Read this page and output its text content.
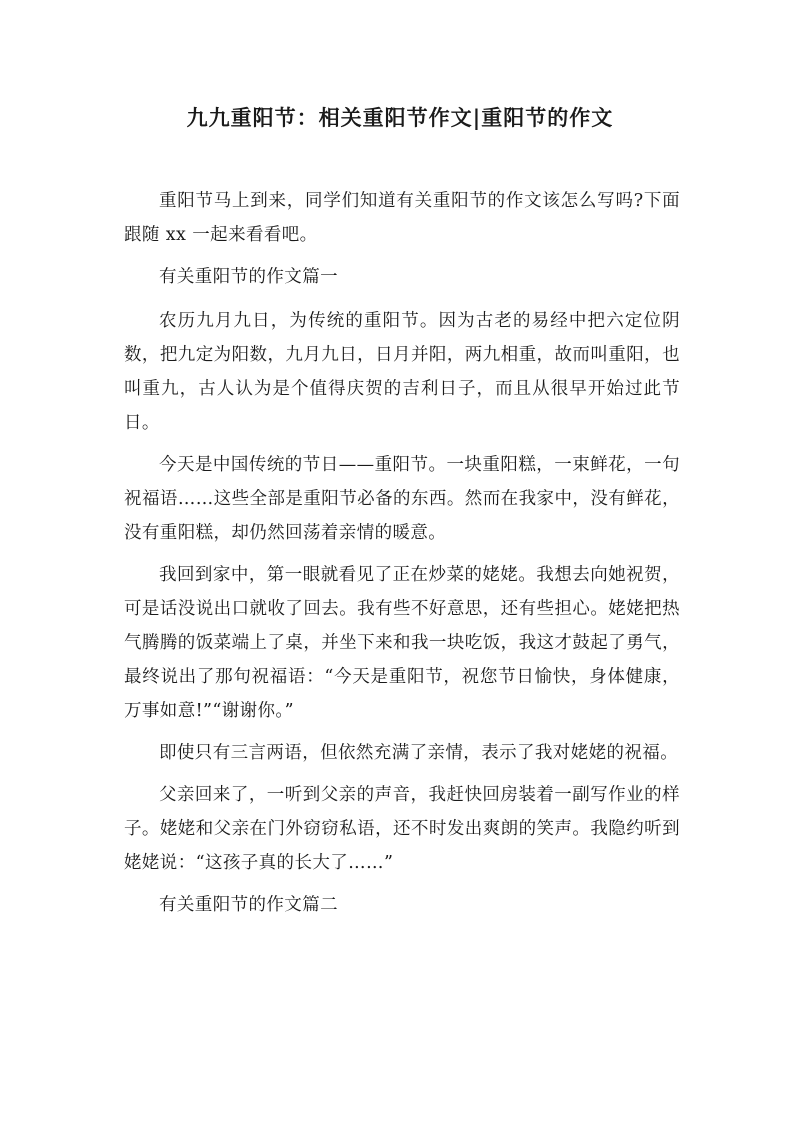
九九重阳节：相关重阳节作文|重阳节的作文

重阳节马上到来，同学们知道有关重阳节的作文该怎么写吗?下面跟随 xx 一起来看看吧。

有关重阳节的作文篇一

农历九月九日，为传统的重阳节。因为古老的易经中把六定位阴数，把九定为阳数，九月九日，日月并阳，两九相重，故而叫重阳，也叫重九，古人认为是个值得庆贺的吉利日子，而且从很早开始过此节日。

今天是中国传统的节日——重阳节。一块重阳糕，一束鲜花，一句祝福语……这些全部是重阳节必备的东西。然而在我家中，没有鲜花，没有重阳糕，却仍然回荡着亲情的暖意。

我回到家中，第一眼就看见了正在炒菜的姥姥。我想去向她祝贺，可是话没说出口就收了回去。我有些不好意思，还有些担心。姥姥把热气腾腾的饭菜端上了桌，并坐下来和我一块吃饭，我这才鼓起了勇气，最终说出了那句祝福语：“今天是重阳节，祝您节日愉快，身体健康，万事如意!”“谢谢你。”

即使只有三言两语，但依然充满了亲情，表示了我对姥姥的祝福。

父亲回来了，一听到父亲的声音，我赶快回房装着一副写作业的样子。姥姥和父亲在门外窃窃私语，还不时发出爽朗的笑声。我隐约听到姥姥说：“这孩子真的长大了……”

有关重阳节的作文篇二
